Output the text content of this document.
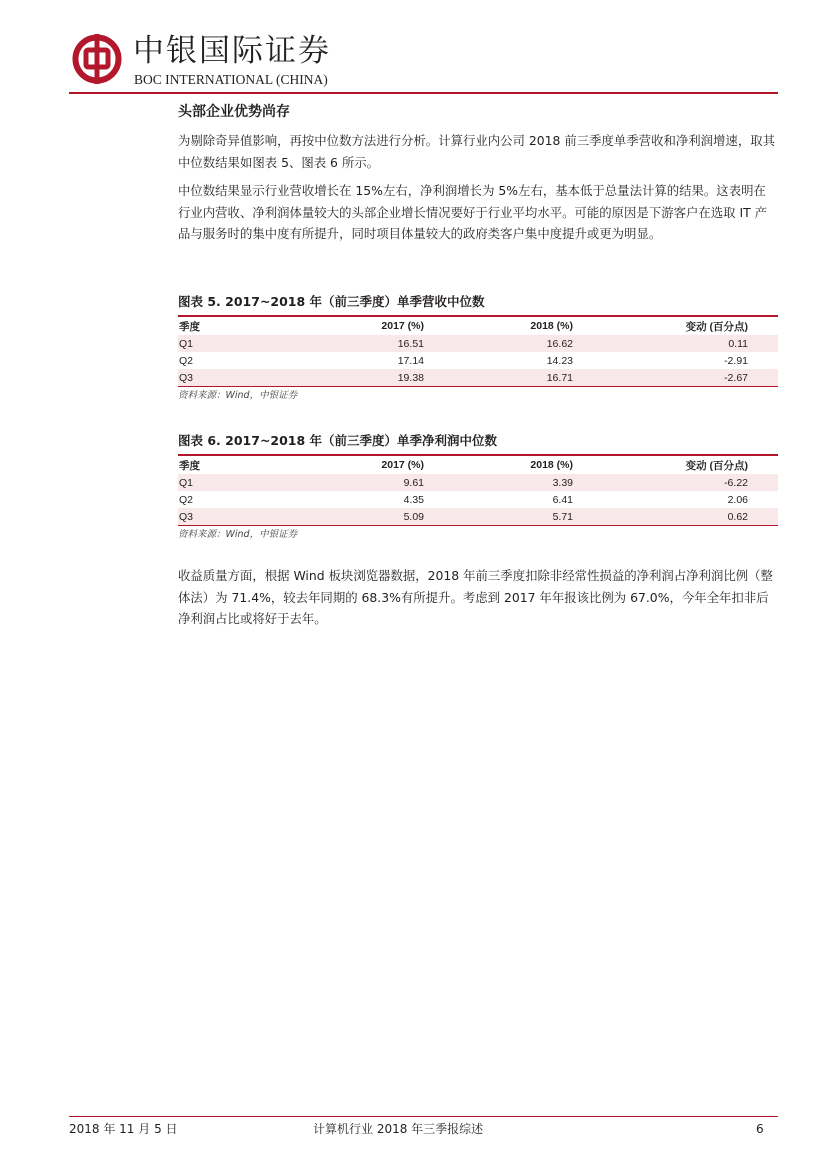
中银国际证券
BOC INTERNATIONAL (CHINA)
头部企业优势尚存

为剔除奇异值影响，再按中位数方法进行分析。计算行业内公司 2018 前三季度单季营收和净利润增速，取其中位数结果如图表 5、图表 6 所示。

中位数结果显示行业营收增长在 15%左右，净利润增长为 5%左右，基本低于总量法计算的结果。这表明在行业内营收、净利润体量较大的头部企业增长情况要好于行业平均水平。可能的原因是下游客户在选取 IT 产品与服务时的集中度有所提升，同时项目体量较大的政府类客户集中度提升或更为明显。

图表 5. 2017~2018 年（前三季度）单季营收中位数
季度	2017 (%)	2018 (%)	变动 (百分点)
Q1	16.51	16.62	0.11
Q2	17.14	14.23	-2.91
Q3	19.38	16.71	-2.67
资料来源：Wind，中银证券
图表 6. 2017~2018 年（前三季度）单季净利润中位数
季度	2017 (%)	2018 (%)	变动 (百分点)
Q1	9.61	3.39	-6.22
Q2	4.35	6.41	2.06
Q3	5.09	5.71	0.62
资料来源：Wind，中银证券

收益质量方面，根据 Wind 板块浏览器数据，2018 年前三季度扣除非经常性损益的净利润占净利润比例（整体法）为 71.4%，较去年同期的 68.3%有所提升。考虑到 2017 年年报该比例为 67.0%，今年全年扣非后净利润占比或将好于去年。

2018 年 11 月 5 日	计算机行业 2018 年三季报综述	6
